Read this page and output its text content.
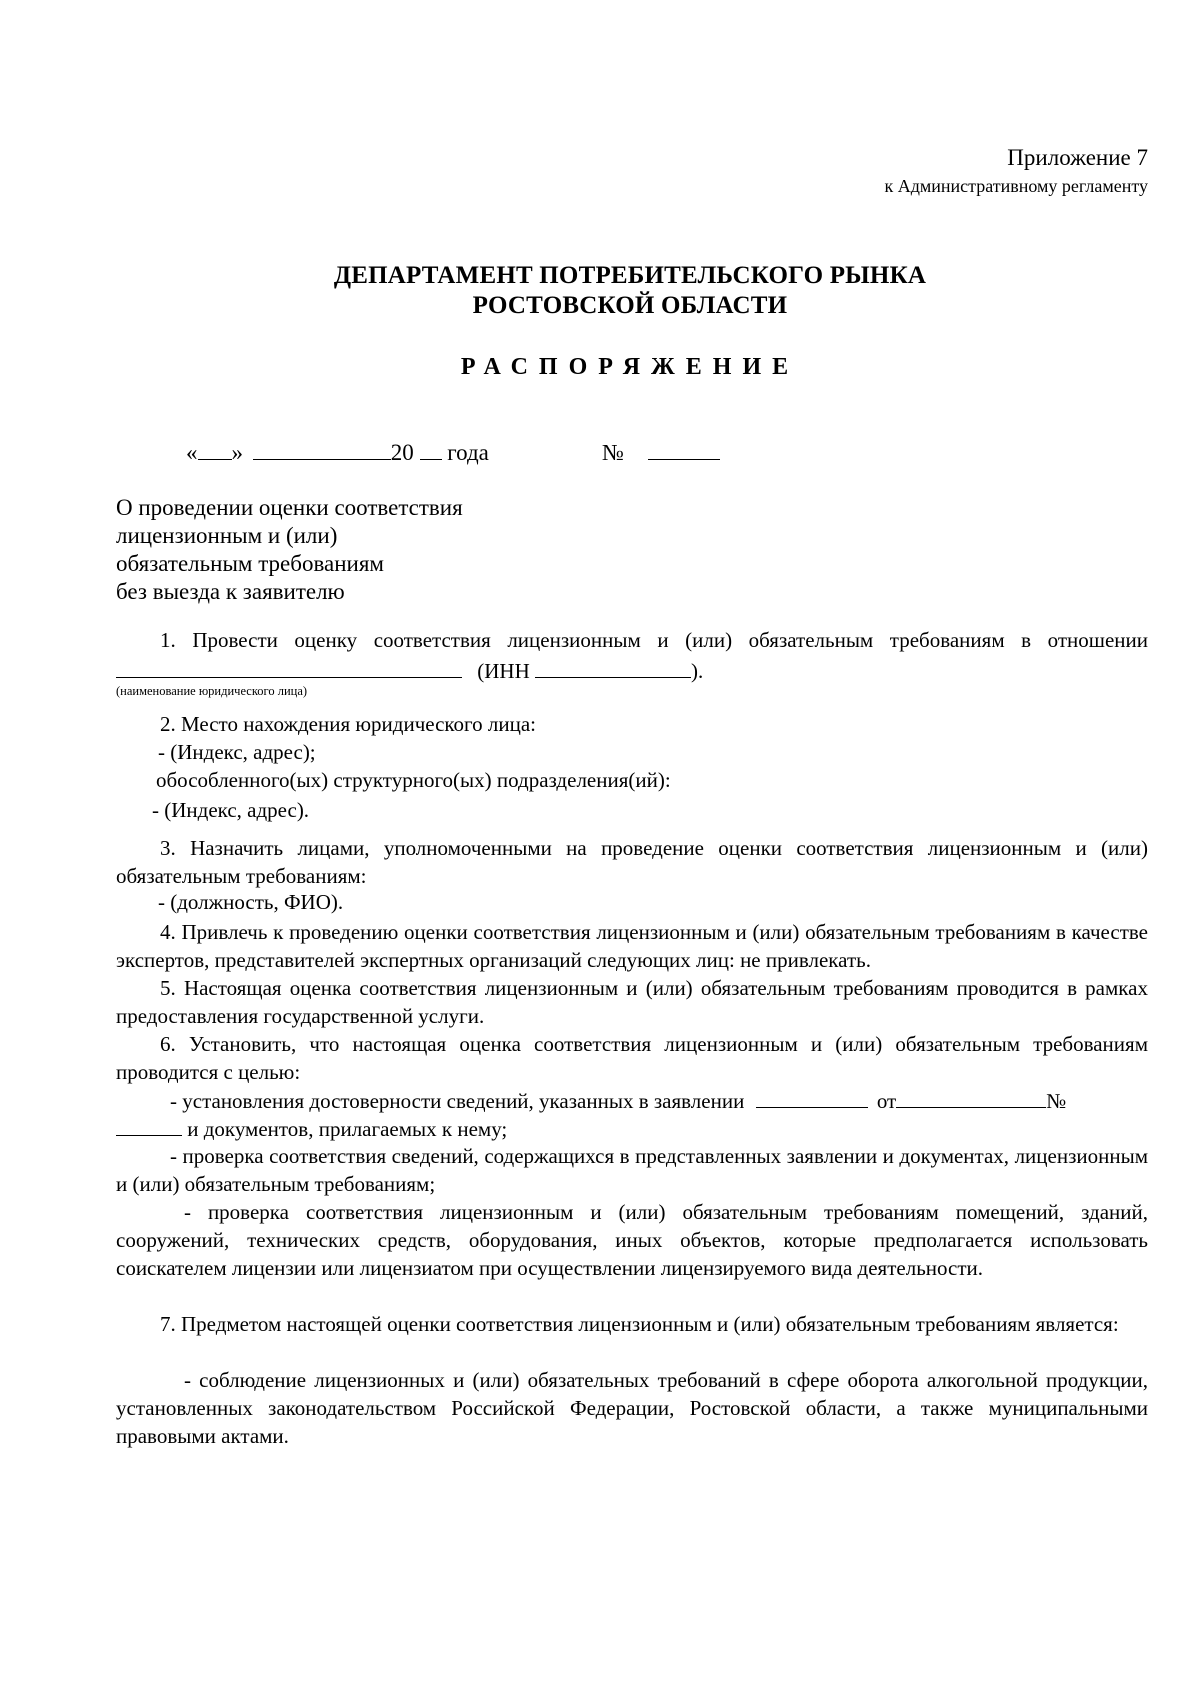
Приложение 7
к Административному регламенту
ДЕПАРТАМЕНТ ПОТРЕБИТЕЛЬСКОГО РЫНКА
РОСТОВСКОЙ ОБЛАСТИ
РАСПОРЯЖЕНИЕ
« »	20 года	№
О проведении оценки соответствия
лицензионным и (или)
обязательным требованиям
без выезда к заявителю

1. Провести оценку соответствия лицензионным и (или) обязательным требованиям в отношении

(ИНН	).
(наименование юридического лица)
2. Место нахождения юридического лица:
- (Индекс, адрес);
обособленного(ых) структурного(ых) подразделения(ий):
- (Индекс, адрес).

3. Назначить лицами, уполномоченными на проведение оценки соответствия лицензионным и (или) обязательным требованиям:

- (должность, ФИО).

4. Привлечь к проведению оценки соответствия лицензионным и (или) обязательным требованиям в качестве экспертов, представителей экспертных организаций следующих лиц: не привлекать.

5. Настоящая оценка соответствия лицензионным и (или) обязательным требованиям проводится в рамках предоставления государственной услуги.

6. Установить, что настоящая оценка соответствия лицензионным и (или) обязательным требованиям проводится с целью:

- установления достоверности сведений, указанных в заявлении	от	№
и документов, прилагаемых к нему;

- проверка соответствия сведений, содержащихся в представленных заявлении и документах, лицензионным и (или) обязательным требованиям;

- проверка соответствия лицензионным и (или) обязательным требованиям помещений, зданий, сооружений, технических средств, оборудования, иных объектов, которые предполагается использовать соискателем лицензии или лицензиатом при осуществлении лицензируемого вида деятельности.

7. Предметом настоящей оценки соответствия лицензионным и (или) обязательным требованиям является:

- соблюдение лицензионных и (или) обязательных требований в сфере оборота алкогольной продукции, установленных законодательством Российской Федерации, Ростовской области, а также муниципальными правовыми актами.
